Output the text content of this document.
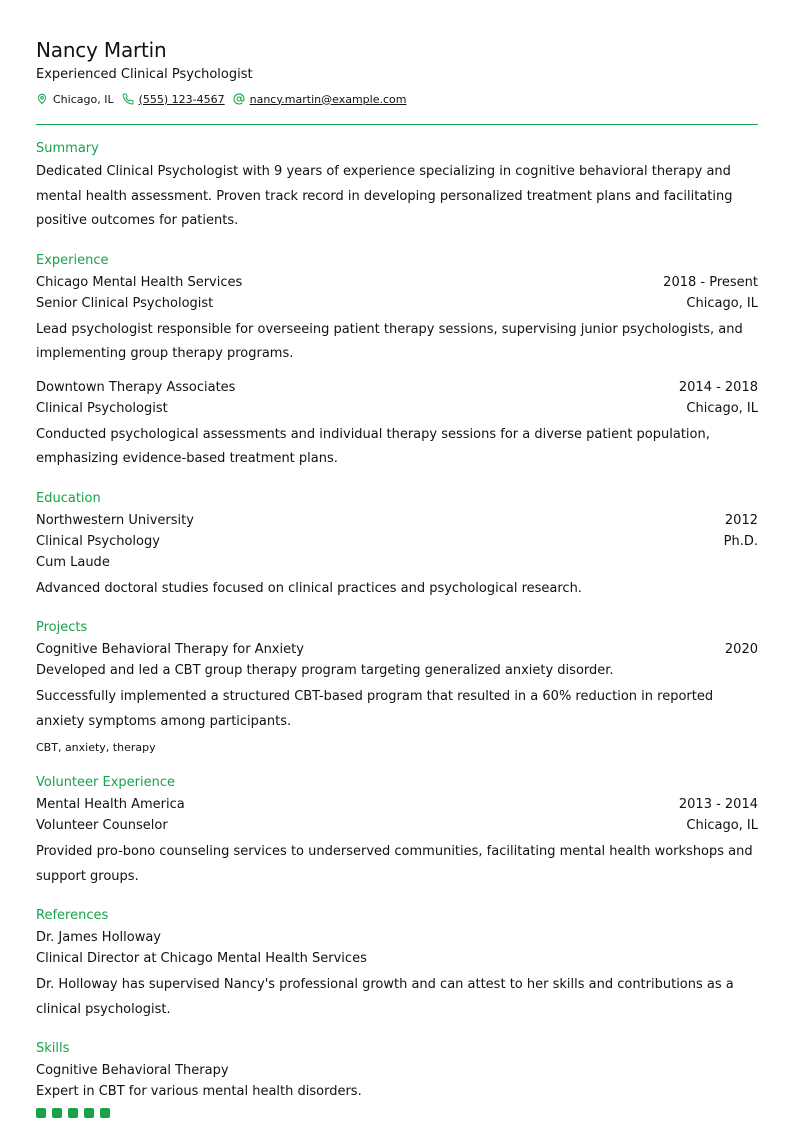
Nancy Martin
Experienced Clinical Psychologist
Chicago, IL (555) 123-4567 nancy.martin@example.com
Summary
Dedicated Clinical Psychologist with 9 years of experience specializing in cognitive behavioral therapy and mental health assessment. Proven track record in developing personalized treatment plans and facilitating positive outcomes for patients.
Experience
Chicago Mental Health Services	2018 - Present
Senior Clinical Psychologist	Chicago, IL
Lead psychologist responsible for overseeing patient therapy sessions, supervising junior psychologists, and implementing group therapy programs.
Downtown Therapy Associates	2014 - 2018
Clinical Psychologist	Chicago, IL
Conducted psychological assessments and individual therapy sessions for a diverse patient population, emphasizing evidence-based treatment plans.
Education
Northwestern University	2012
Clinical Psychology	Ph.D.
Cum Laude
Advanced doctoral studies focused on clinical practices and psychological research.
Projects
Cognitive Behavioral Therapy for Anxiety	2020
Developed and led a CBT group therapy program targeting generalized anxiety disorder.
Successfully implemented a structured CBT-based program that resulted in a 60% reduction in reported anxiety symptoms among participants.
CBT, anxiety, therapy
Volunteer Experience
Mental Health America	2013 - 2014
Volunteer Counselor	Chicago, IL
Provided pro-bono counseling services to underserved communities, facilitating mental health workshops and support groups.
References
Dr. James Holloway
Clinical Director at Chicago Mental Health Services
Dr. Holloway has supervised Nancy's professional growth and can attest to her skills and contributions as a clinical psychologist.
Skills
Cognitive Behavioral Therapy
Expert in CBT for various mental health disorders.
